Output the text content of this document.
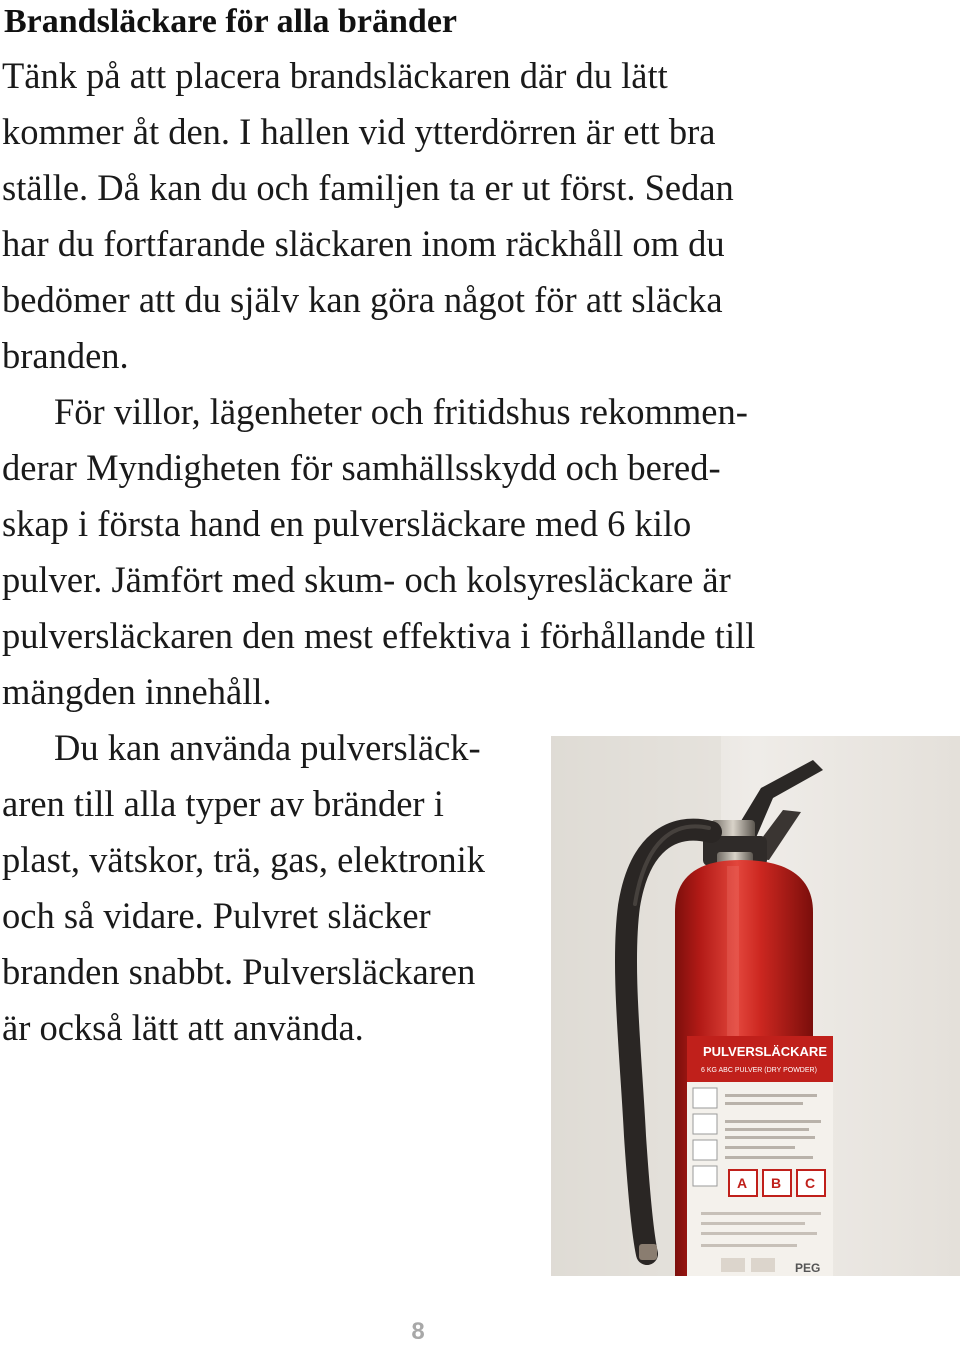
Brandsläckare för alla bränder

Tänk på att placera brandsläckaren där du lätt
kommer åt den. I hallen vid ytterdörren är ett bra
ställe. Då kan du och familjen ta er ut först. Sedan
har du fortfarande släckaren inom räckhåll om du
bedömer att du själv kan göra något för att släcka
branden.

För villor, lägenheter och fritidshus rekommen-
derar Myndigheten för samhällsskydd och bered-
skap i första hand en pulversläckare med 6 kilo
pulver. Jämfört med skum- och kolsyresläckare är
pulversläckaren den mest effektiva i förhållande till
mängden innehåll.

Du kan använda pulversläck-
aren till alla typer av bränder i
plast, vätskor, trä, gas, elektronik
och så vidare. Pulvret släcker
branden snabbt. Pulversläckaren
är också lätt att använda.

PULVERSLÄCKARE
6 KG ABC PULVER (DRY POWDER)
A B C
PEG
8
